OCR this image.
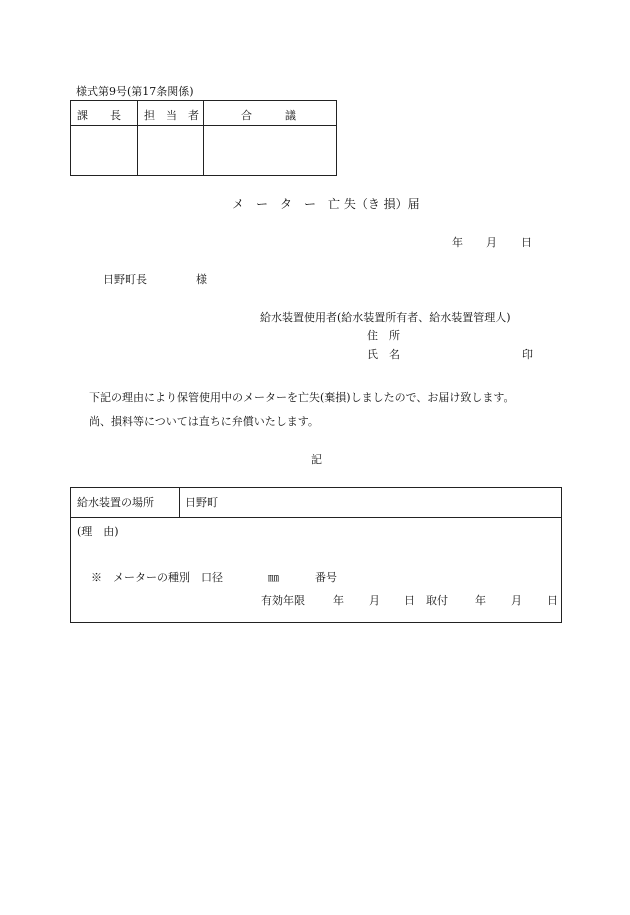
様式第9号(第17条関係)
課　　長 担　当　者	合　　　議
メ　ー　タ　ー　亡 失（き 損）届
年 月 日
日野町長	様
給水装置使用者(給水装置所有者、給水装置管理人)
住　所
氏　名	印
下記の理由により保管使用中のメーターを亡失(棄損)しましたので、お届け致します。
尚、損料等については直ちに弁償いたします。
記
給水装置の場所	日野町
(理　由)
※　メーターの種別　口径	㎜	番号
有効年限	年 月 日 取付 年 月 日
